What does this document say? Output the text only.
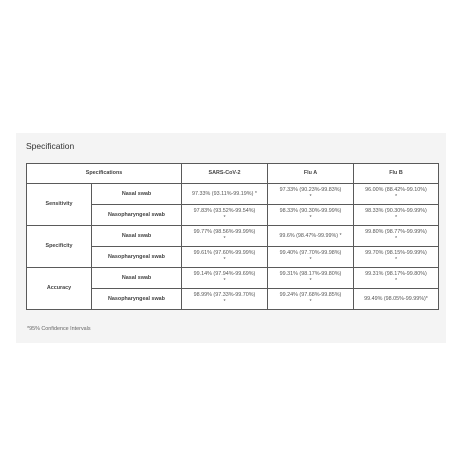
Specification
Specifications		SARS-CoV-2	Flu A	Flu B
Sensitivity	Nasal swab	97.33% (93.11%-99.19%) *	97.33% (90.23%-99.83%) *	96.00% (88.42%-99.10%) *
	Nasopharyngeal swab	97.83% (93.52%-99.54%) *	98.33% (90.30%-99.99%) *	98.33% (90.30%-99.99%) *
Specificity	Nasal swab	99.77% (98.56%-99.99%) *	99.6% (98.47%-99.99%) *	99.80% (98.77%-99.99%) *
	Nasopharyngeal swab	99.61% (97.60%-99.99%) *	99.40% (97.70%-99.98%) *	99.70% (98.15%-99.99%) *
Accuracy	Nasal swab	99.14% (97.94%-99.69%) *	99.31% (98.17%-99.80%) *	99.31% (98.17%-99.80%) *
	Nasopharyngeal swab	98.99% (97.33%-99.70%) *	99.24% (97.68%-99.85%) *	99.49% (98.05%-99.99%)*
*95% Confidence Intervals
